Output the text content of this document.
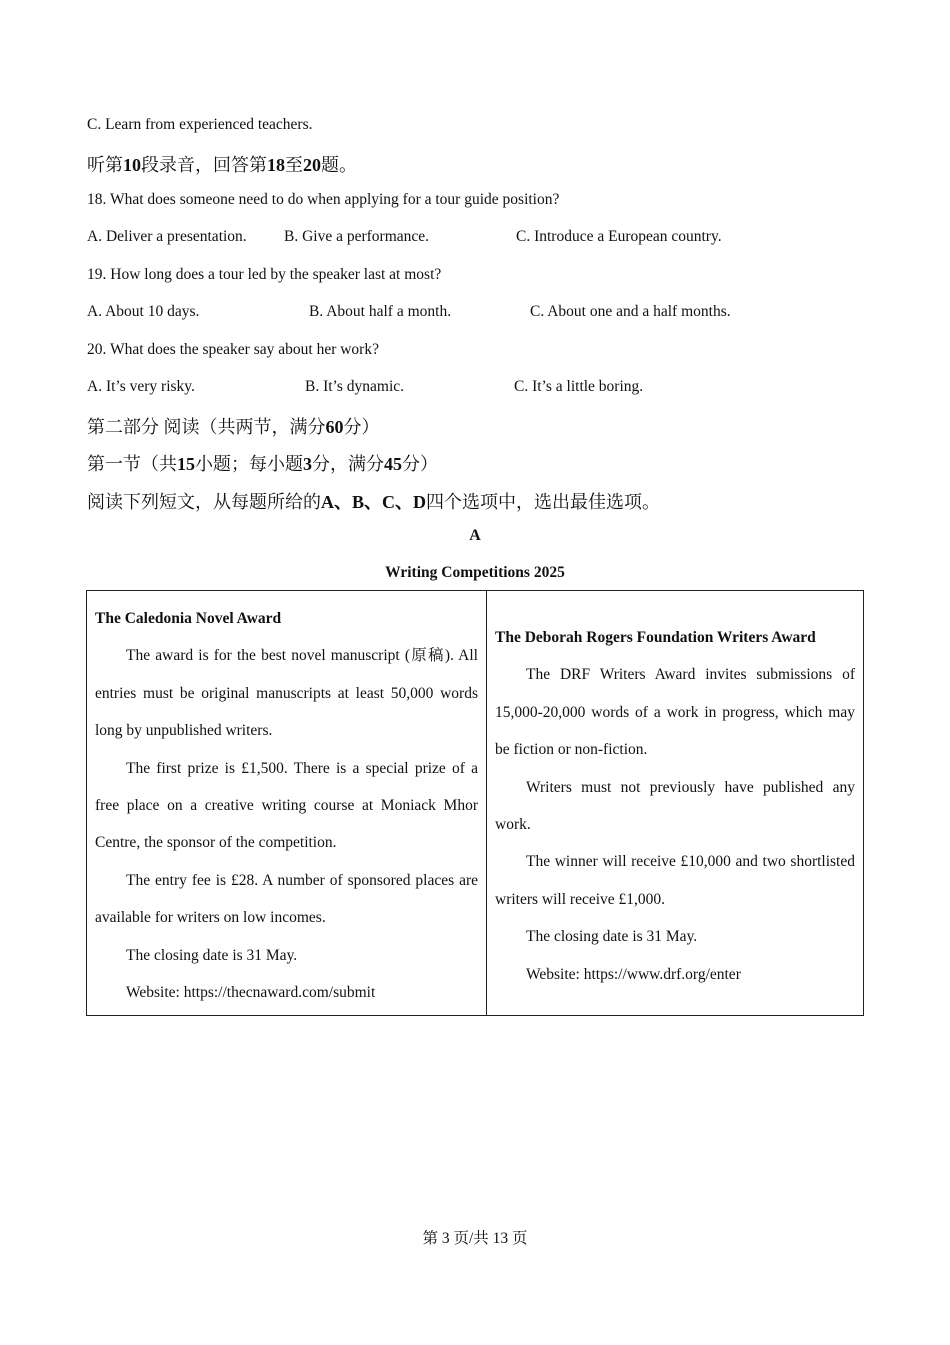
C. Learn from experienced teachers.
听第10段录音，回答第18至20题。
18. What does someone need to do when applying for a tour guide position?
A. Deliver a presentation. B. Give a performance.	C. Introduce a European country.
19. How long does a tour led by the speaker last at most?
A. About 10 days.	B. About half a month.	C. About one and a half months.
20. What does the speaker say about her work?
A. It’s very risky.	B. It’s dynamic.	C. It’s a little boring.
第二部分 阅读（共两节，满分60分）
第一节（共15小题；每小题3分，满分45分）
阅读下列短文，从每题所给的A、B、C、D四个选项中，选出最佳选项。
A
Writing Competitions 2025
The Caledonia Novel Award

The award is for the best novel manuscript (原稿). All entries must be original manuscripts at least 50,000 words long by unpublished writers.

The first prize is £1,500. There is a special prize of a free place on a creative writing course at Moniack Mhor Centre, the sponsor of the competition.

The entry fee is £28. A number of sponsored places are available for writers on low incomes.

The closing date is 31 May.

Website: https://thecnaward.com/submit

The Deborah Rogers Foundation Writers Award

The DRF Writers Award invites submissions of 15,000-20,000 words of a work in progress, which may be fiction or non-fiction.

Writers must not previously have published any work.

The winner will receive £10,000 and two shortlisted writers will receive £1,000.

The closing date is 31 May.

Website: https://www.drf.org/enter

第 3 页/共 13 页
